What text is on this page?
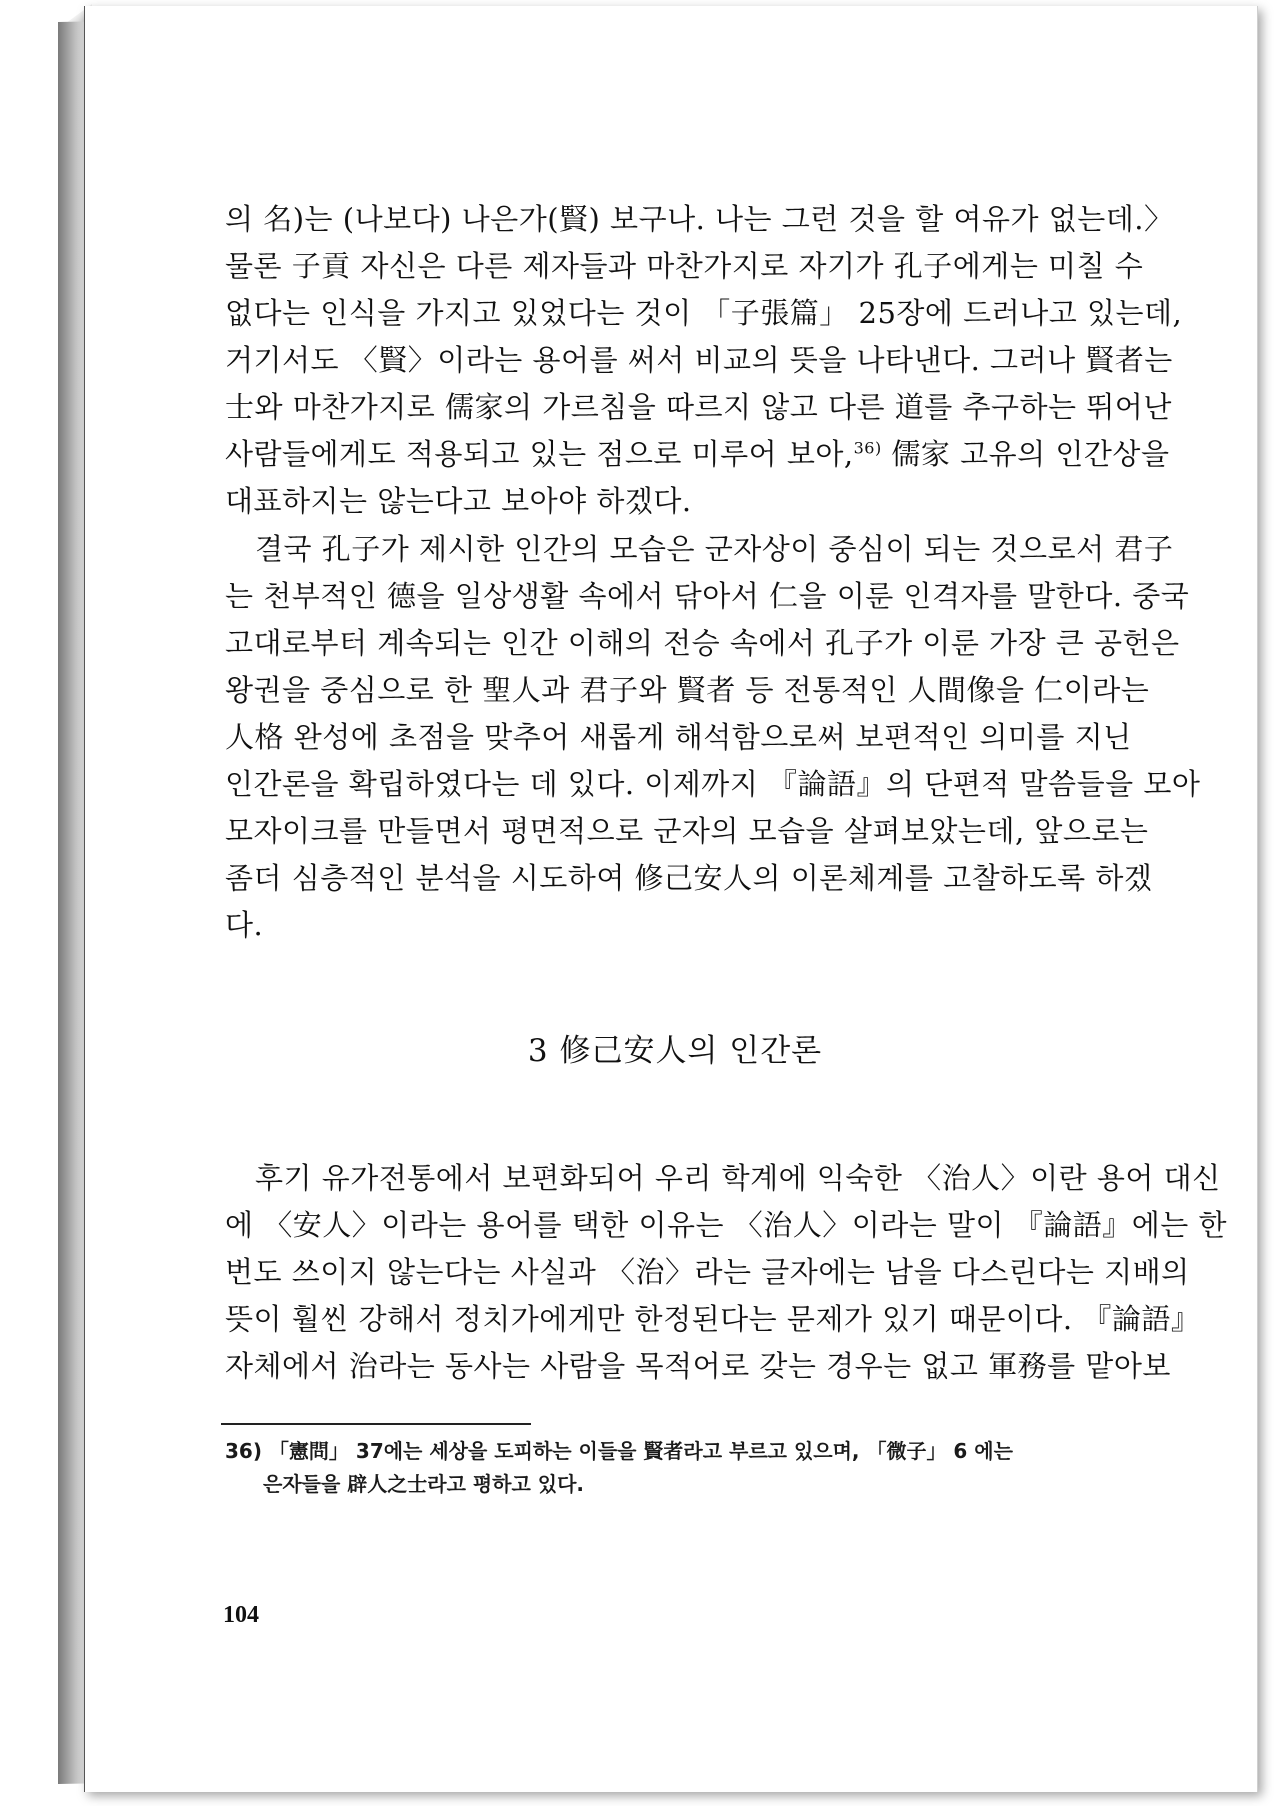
의 名)는 (나보다) 나은가(賢) 보구나. 나는 그런 것을 할 여유가 없는데.〉
물론 子貢 자신은 다른 제자들과 마찬가지로 자기가 孔子에게는 미칠 수
없다는 인식을 가지고 있었다는 것이 「子張篇」 25장에 드러나고 있는데,
거기서도 〈賢〉이라는 용어를 써서 비교의 뜻을 나타낸다. 그러나 賢者는
士와 마찬가지로 儒家의 가르침을 따르지 않고 다른 道를 추구하는 뛰어난
사람들에게도 적용되고 있는 점으로 미루어 보아,$^{36)}$ 儒家 고유의 인간상을
대표하지는 않는다고 보아야 하겠다.
결국 孔子가 제시한 인간의 모습은 군자상이 중심이 되는 것으로서 君子
는 천부적인 德을 일상생활 속에서 닦아서 仁을 이룬 인격자를 말한다. 중국
고대로부터 계속되는 인간 이해의 전승 속에서 孔子가 이룬 가장 큰 공헌은
왕권을 중심으로 한 聖人과 君子와 賢者 등 전통적인 人間像을 仁이라는
人格 완성에 초점을 맞추어 새롭게 해석함으로써 보편적인 의미를 지닌
인간론을 확립하였다는 데 있다. 이제까지 『論語』의 단편적 말씀들을 모아
모자이크를 만들면서 평면적으로 군자의 모습을 살펴보았는데, 앞으로는
좀더 심층적인 분석을 시도하여 修己安人의 이론체계를 고찰하도록 하겠
다.
3 修己安人의 인간론
후기 유가전통에서 보편화되어 우리 학계에 익숙한 〈治人〉이란 용어 대신
에 〈安人〉이라는 용어를 택한 이유는 〈治人〉이라는 말이 『論語』에는 한
번도 쓰이지 않는다는 사실과 〈治〉라는 글자에는 남을 다스린다는 지배의
뜻이 훨씬 강해서 정치가에게만 한정된다는 문제가 있기 때문이다. 『論語』
자체에서 治라는 동사는 사람을 목적어로 갖는 경우는 없고 軍務를 맡아보
36) 「憲問」 37에는 세상을 도피하는 이들을 賢者라고 부르고 있으며, 「微子」 6 에는
은자들을 辟人之士라고 평하고 있다.
104
